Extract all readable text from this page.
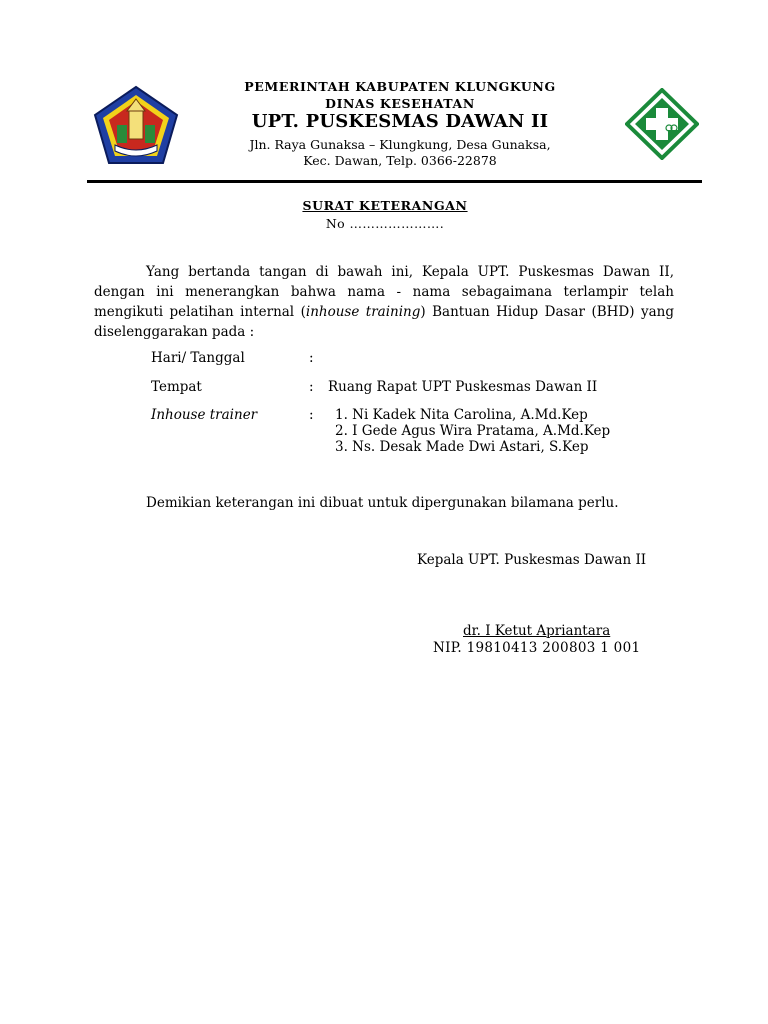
PEMERINTAH KABUPATEN KLUNGKUNG
DINAS KESEHATAN
UPT. PUSKESMAS DAWAN II
Jln. Raya Gunaksa – Klungkung, Desa Gunaksa,
Kec. Dawan, Telp. 0366-22878
SURAT KETERANGAN
No ………………….
Yang bertanda tangan di bawah ini, Kepala UPT. Puskesmas Dawan II, dengan ini menerangkan bahwa nama - nama sebagaimana terlampir telah mengikuti pelatihan internal (inhouse training) Bantuan Hidup Dasar (BHD) yang diselenggarakan pada :
Hari/ Tanggal	:
Tempat	: Ruang Rapat UPT Puskesmas Dawan II
Inhouse trainer	: 1. Ni Kadek Nita Carolina, A.Md.Kep
2. I Gede Agus Wira Pratama, A.Md.Kep
3. Ns. Desak Made Dwi Astari, S.Kep
Demikian keterangan ini dibuat untuk dipergunakan bilamana perlu.
Kepala UPT. Puskesmas Dawan II
dr. I Ketut Apriantara
NIP. 19810413 200803 1 001
